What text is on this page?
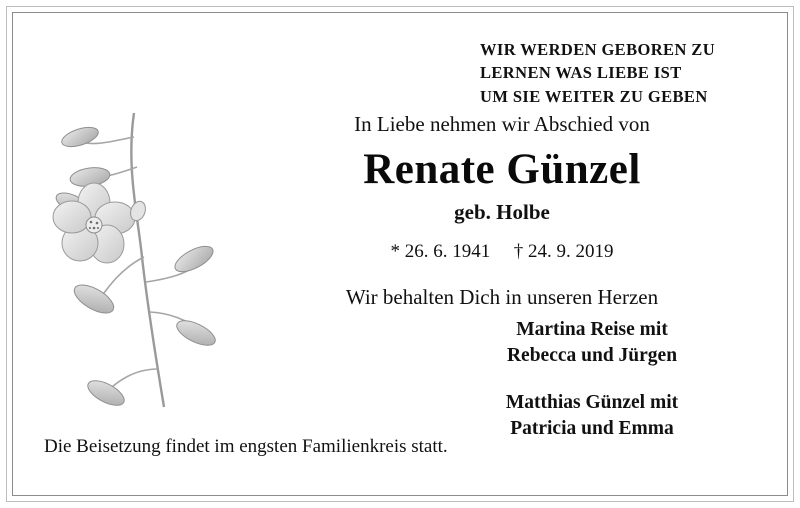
WIR WERDEN GEBOREN ZU
LERNEN WAS LIEBE IST
UM SIE WEITER ZU GEBEN
In Liebe nehmen wir Abschied von
Renate Günzel
geb. Holbe
* 26. 6. 1941 † 24. 9. 2019
Wir behalten Dich in unseren Herzen
Martina Reise mit
Rebecca und Jürgen
Matthias Günzel mit
Patricia und Emma
Die Beisetzung findet im engsten Familienkreis statt.
